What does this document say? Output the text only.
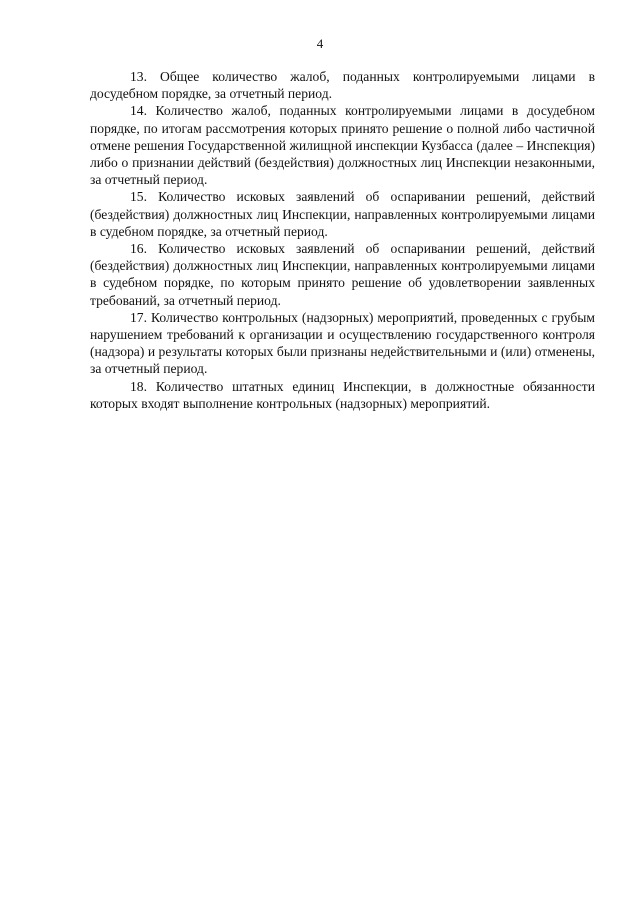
4

13. Общее количество жалоб, поданных контролируемыми лицами в досудебном порядке, за отчетный период.

14. Количество жалоб, поданных контролируемыми лицами в досудебном порядке, по итогам рассмотрения которых принято решение о полной либо частичной отмене решения Государственной жилищной инспекции Кузбасса (далее – Инспекция) либо о признании действий (бездействия) должностных лиц Инспекции незаконными, за отчетный период.

15. Количество исковых заявлений об оспаривании решений, действий (бездействия) должностных лиц Инспекции, направленных контролируемыми лицами в судебном порядке, за отчетный период.

16. Количество исковых заявлений об оспаривании решений, действий (бездействия) должностных лиц Инспекции, направленных контролируемыми лицами в судебном порядке, по которым принято решение об удовлетворении заявленных требований, за отчетный период.

17. Количество контрольных (надзорных) мероприятий, проведенных с грубым нарушением требований к организации и осуществлению государственного контроля (надзора) и результаты которых были признаны недействительными и (или) отменены, за отчетный период.

18. Количество штатных единиц Инспекции, в должностные обязанности которых входят выполнение контрольных (надзорных) мероприятий.
